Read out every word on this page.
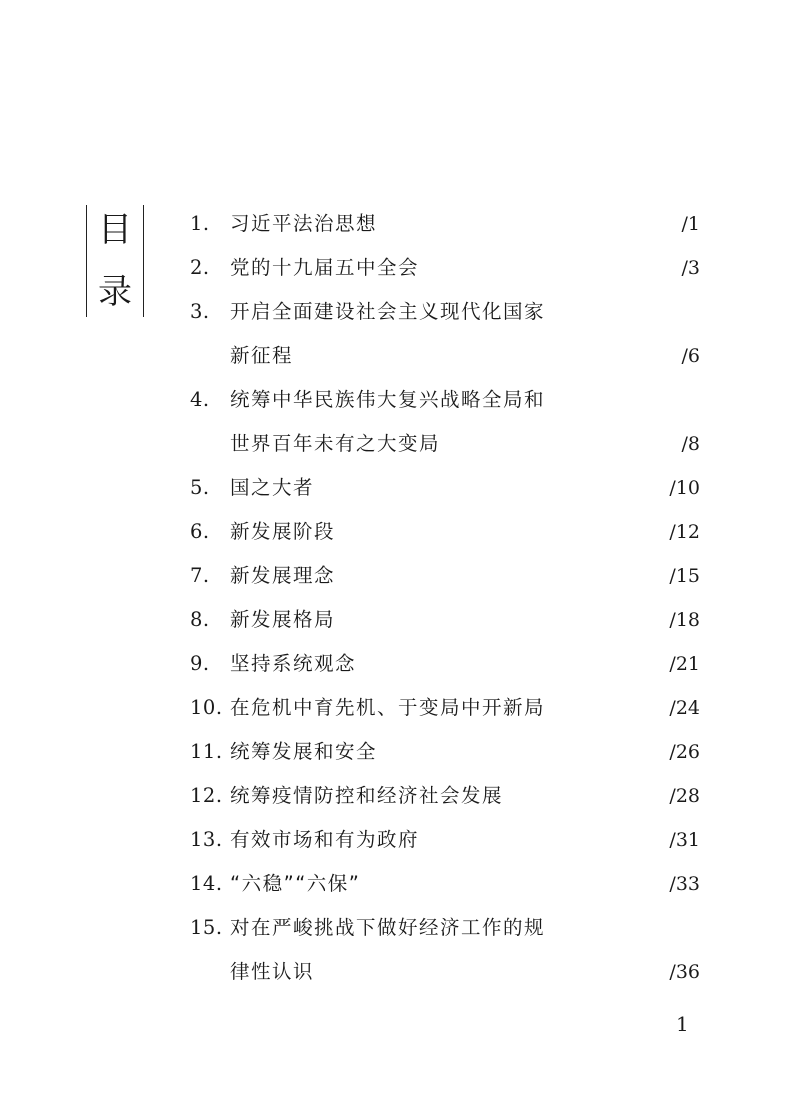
目
录
1.	习近平法治思想	/1
2.	党的十九届五中全会	/3
3.	开启全面建设社会主义现代化国家
新征程	/6
4.	统筹中华民族伟大复兴战略全局和
世界百年未有之大变局	/8
5.	国之大者	/10
6.	新发展阶段	/12
7.	新发展理念	/15
8.	新发展格局	/18
9.	坚持系统观念	/21
10. 在危机中育先机、于变局中开新局	/24
11. 统筹发展和安全	/26
12. 统筹疫情防控和经济社会发展	/28
13. 有效市场和有为政府	/31
14. “六稳”“六保”	/33
15. 对在严峻挑战下做好经济工作的规
律性认识	/36
1
